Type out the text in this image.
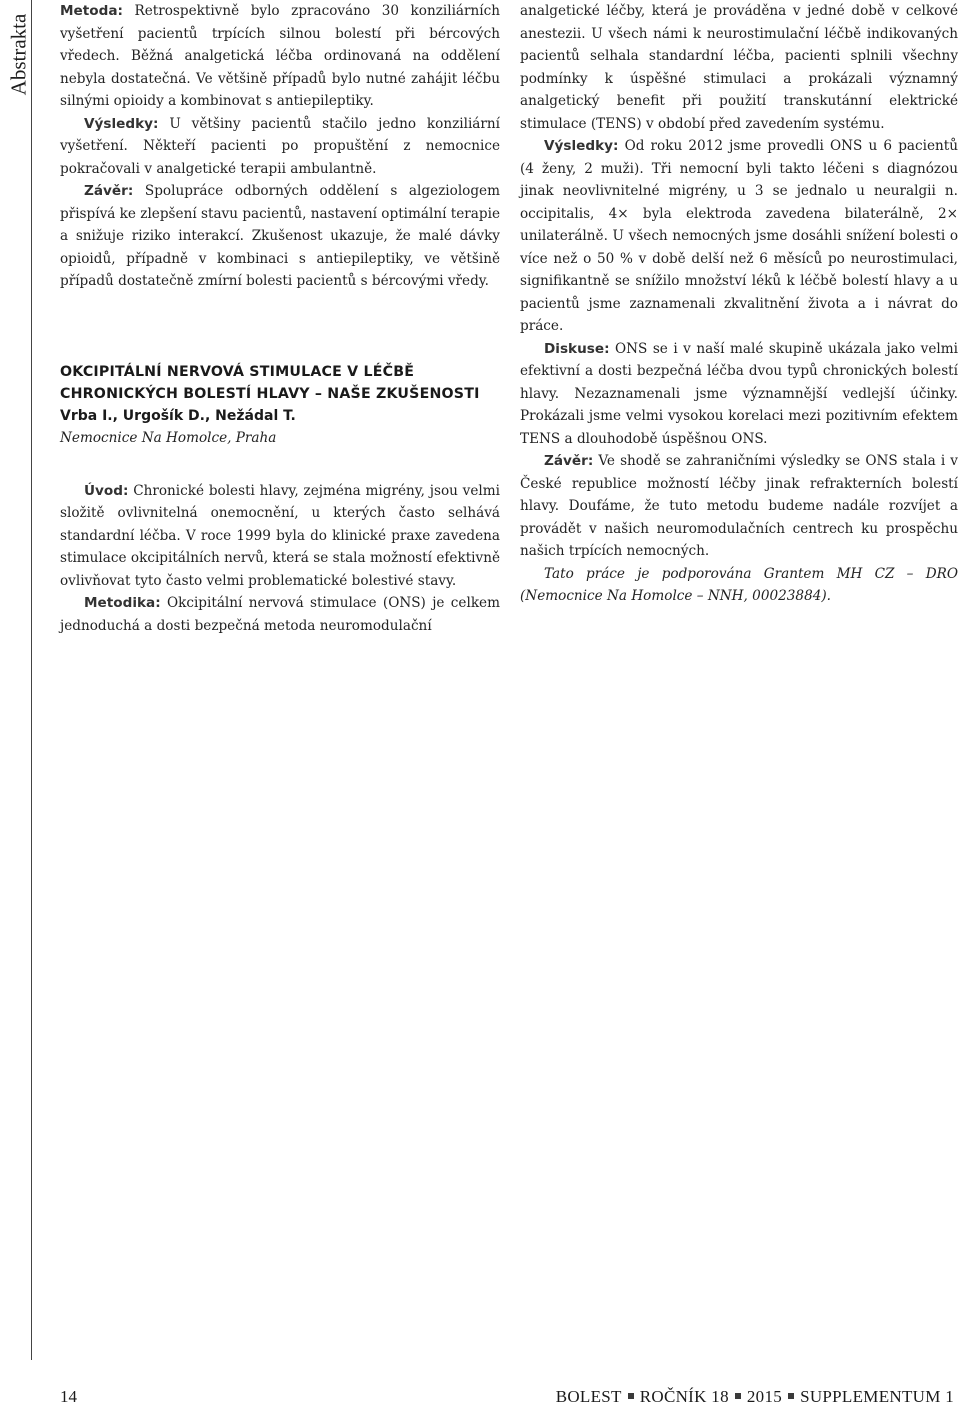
Abstrakta

Metoda: Retrospektivně bylo zpracováno 30 konziliárních vyšetření pacientů trpících silnou bolestí při bércových vředech. Běžná analgetická léčba ordinovaná na oddělení nebyla dostatečná. Ve většině případů bylo nutné zahájit léčbu silnými opioidy a kombinovat s antiepileptiky.

Výsledky: U většiny pacientů stačilo jedno konziliární vyšetření. Někteří pacienti po propuštění z nemocnice pokračovali v analgetické terapii ambulantně.

Závěr: Spolupráce odborných oddělení s algeziologem přispívá ke zlepšení stavu pacientů, nastavení optimální terapie a snižuje riziko interakcí. Zkušenost ukazuje, že malé dávky opioidů, případně v kombinaci s antiepileptiky, ve většině případů dostatečně zmírní bolesti pacientů s bércovými vředy.

OKCIPITÁLNÍ NERVOVÁ STIMULACE V LÉČBĚ CHRONICKÝCH BOLESTÍ HLAVY – NAŠE ZKUŠENOSTI

Vrba I., Urgošík D., Nežádal T.

Nemocnice Na Homolce, Praha

Úvod: Chronické bolesti hlavy, zejména migrény, jsou velmi složitě ovlivnitelná onemocnění, u kterých často selhává standardní léčba. V roce 1999 byla do klinické praxe zavedena stimulace okcipitálních nervů, která se stala možností efektivně ovlivňovat tyto často velmi problematické bolestivé stavy.

Metodika: Okcipitální nervová stimulace (ONS) je celkem jednoduchá a dosti bezpečná metoda neuromodulační

analgetické léčby, která je prováděna v jedné době v celkové anestezii. U všech námi k neurostimulační léčbě indikovaných pacientů selhala standardní léčba, pacienti splnili všechny podmínky k úspěšné stimulaci a prokázali významný analgetický benefit při použití transkutánní elektrické stimulace (TENS) v období před zavedením systému.

Výsledky: Od roku 2012 jsme provedli ONS u 6 pacientů (4 ženy, 2 muži). Tři nemocní byli takto léčeni s diagnózou jinak neovlivnitelné migrény, u 3 se jednalo u neuralgii n. occipitalis, 4× byla elektroda zavedena bilaterálně, 2× unilaterálně. U všech nemocných jsme dosáhli snížení bolesti o více než o 50 % v době delší než 6 měsíců po neurostimulaci, signifikantně se snížilo množství léků k léčbě bolestí hlavy a u pacientů jsme zaznamenali zkvalitnění života a i návrat do práce.

Diskuse: ONS se i v naší malé skupině ukázala jako velmi efektivní a dosti bezpečná léčba dvou typů chronických bolestí hlavy. Nezaznamenali jsme významnější vedlejší účinky. Prokázali jsme velmi vysokou korelaci mezi pozitivním efektem TENS a dlouhodobě úspěšnou ONS.

Závěr: Ve shodě se zahraničními výsledky se ONS stala i v České republice možností léčby jinak refrakterních bolestí hlavy. Doufáme, že tuto metodu budeme nadále rozvíjet a provádět v našich neuromodulačních centrech ku prospěchu našich trpících nemocných.

Tato práce je podporována Grantem MH CZ – DRO (Nemocnice Na Homolce – NNH, 00023884).

14	BOLEST ROČNÍK 18 2015 SUPPLEMENTUM 1
